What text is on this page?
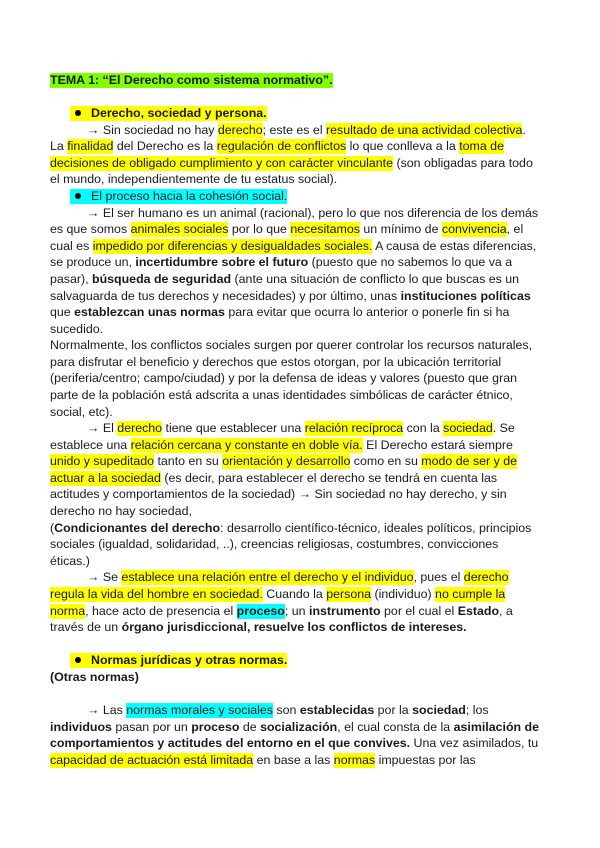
TEMA 1: “El Derecho como sistema normativo”.
Derecho, sociedad y persona.
→ Sin sociedad no hay derecho; este es el resultado de una actividad colectiva.
La finalidad del Derecho es la regulación de conflictos lo que conlleva a la toma de
decisiones de obligado cumplimiento y con carácter vinculante (son obligadas para todo
el mundo, independientemente de tu estatus social).
El proceso hacia la cohesión social.
→ El ser humano es un animal (racional), pero lo que nos diferencia de los demás
es que somos animales sociales por lo que necesitamos un mínimo de convivencia, el
cual es impedido por diferencias y desigualdades sociales. A causa de estas diferencias,
se produce un, incertidumbre sobre el futuro (puesto que no sabemos lo que va a
pasar), búsqueda de seguridad (ante una situación de conflicto lo que buscas es un
salvaguarda de tus derechos y necesidades) y por último, unas instituciones políticas
que establezcan unas normas para evitar que ocurra lo anterior o ponerle fin si ha
sucedido.
Normalmente, los conflictos sociales surgen por querer controlar los recursos naturales,
para disfrutar el beneficio y derechos que estos otorgan, por la ubicación territorial
(periferia/centro; campo/ciudad) y por la defensa de ideas y valores (puesto que gran
parte de la población está adscrita a unas identidades simbólicas de carácter étnico,
social, etc).
→ El derecho tiene que establecer una relación recíproca con la sociedad. Se
establece una relación cercana y constante en doble vía. El Derecho estará siempre
unido y supeditado tanto en su orientación y desarrollo como en su modo de ser y de
actuar a la sociedad (es decir, para establecer el derecho se tendrá en cuenta las
actitudes y comportamientos de la sociedad) → Sin sociedad no hay derecho, y sin
derecho no hay sociedad,
(Condicionantes del derecho: desarrollo científico-técnico, ideales políticos, principios
sociales (igualdad, solidaridad, ..), creencias religiosas, costumbres, convicciones
éticas.)
→ Se establece una relación entre el derecho y el individuo, pues el derecho
regula la vida del hombre en sociedad. Cuando la persona (individuo) no cumple la
norma, hace acto de presencia el proceso; un instrumento por el cual el Estado, a
través de un órgano jurisdiccional, resuelve los conflictos de intereses.
Normas jurídicas y otras normas.
(Otras normas)
→ Las normas morales y sociales son establecidas por la sociedad; los
individuos pasan por un proceso de socialización, el cual consta de la asimilación de
comportamientos y actitudes del entorno en el que convives. Una vez asimilados, tu
capacidad de actuación está limitada en base a las normas impuestas por las
